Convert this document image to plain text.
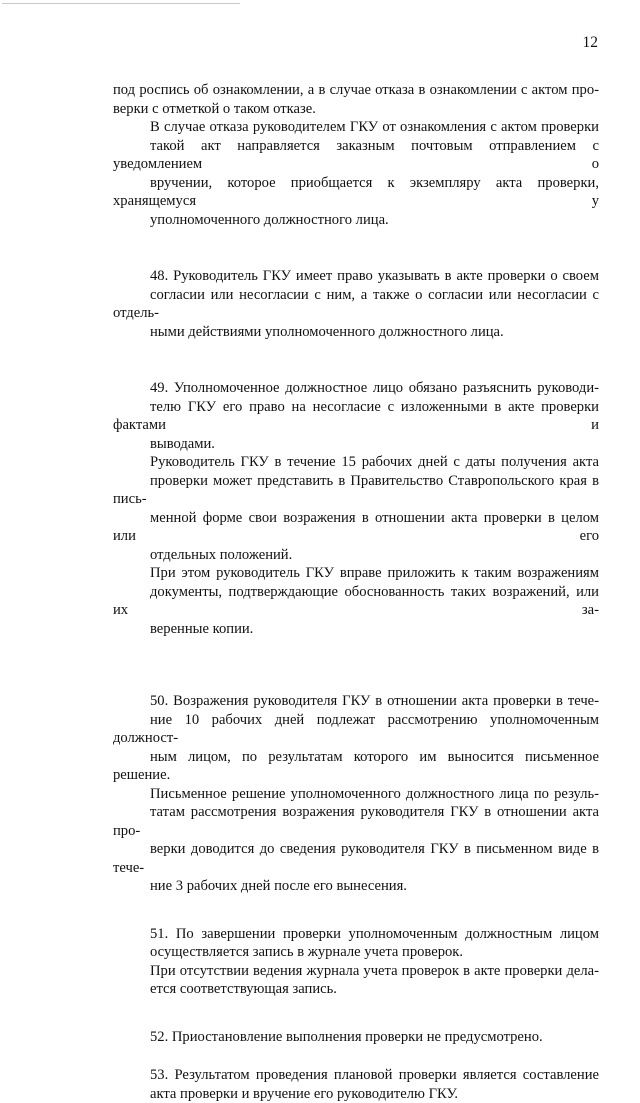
12

под роспись об ознакомлении, а в случае отказа в ознакомлении с актом про-
верки с отметкой о таком отказе.

В случае отказа руководителем ГКУ от ознакомления с актом проверки
такой акт направляется заказным почтовым отправлением с уведомлением о
вручении, которое приобщается к экземпляру акта проверки, хранящемуся у
уполномоченного должностного лица.

48. Руководитель ГКУ имеет право указывать в акте проверки о своем
согласии или несогласии с ним, а также о согласии или несогласии с отдель-
ными действиями уполномоченного должностного лица.

49. Уполномоченное должностное лицо обязано разъяснить руководи-
телю ГКУ его право на несогласие с изложенными в акте проверки фактами и
выводами.

Руководитель ГКУ в течение 15 рабочих дней с даты получения акта
проверки может представить в Правительство Ставропольского края в пись-
менной форме свои возражения в отношении акта проверки в целом или его
отдельных положений.

При этом руководитель ГКУ вправе приложить к таким возражениям
документы, подтверждающие обоснованность таких возражений, или их за-
веренные копии.

50. Возражения руководителя ГКУ в отношении акта проверки в тече-
ние 10 рабочих дней подлежат рассмотрению уполномоченным должност-
ным лицом, по результатам которого им выносится письменное решение.

Письменное решение уполномоченного должностного лица по резуль-
татам рассмотрения возражения руководителя ГКУ в отношении акта про-
верки доводится до сведения руководителя ГКУ в письменном виде в тече-
ние 3 рабочих дней после его вынесения.

51. По завершении проверки уполномоченным должностным лицом
осуществляется запись в журнале учета проверок.

При отсутствии ведения журнала учета проверок в акте проверки дела-
ется соответствующая запись.

52. Приостановление выполнения проверки не предусмотрено.

53. Результатом проведения плановой проверки является составление
акта проверки и вручение его руководителю ГКУ.
